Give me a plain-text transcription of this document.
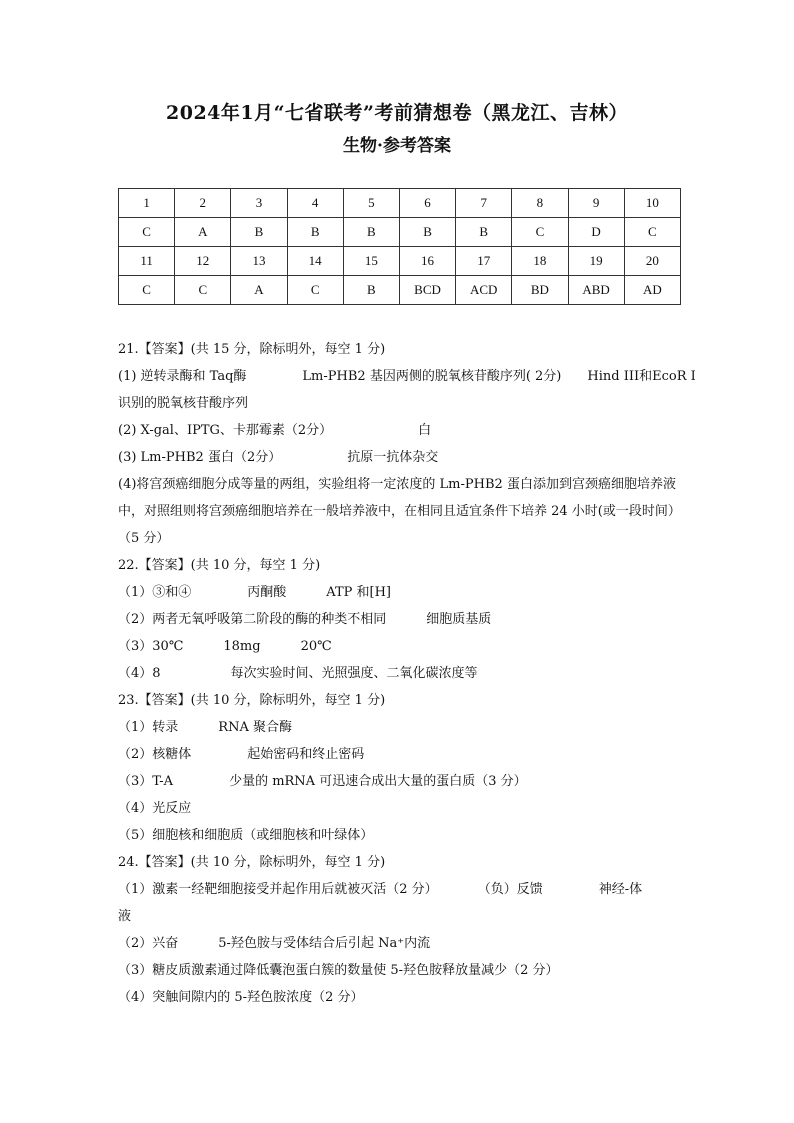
2024年1月“七省联考”考前猜想卷（黑龙江、吉林）
生物·参考答案
1	2	3	4	5	6	7	8	9	10
C	A	B	B	B	B	B	C	D	C
11	12	13	14	15	16	17	18	19	20
C	C	A	C	B	BCD	ACD	BD	ABD	AD
21.【答案】(共 15 分，除标明外，每空 1 分)
(1) 逆转录酶和 Taq酶	Lm-PHB2 基因两侧的脱氧核苷酸序列( 2分) Hind III和EcoR I
识别的脱氧核苷酸序列
(2) X-gal、IPTG、卡那霉素（2分）	白
(3) Lm-PHB2 蛋白（2分）	抗原一抗体杂交
(4)将宫颈癌细胞分成等量的两组，实验组将一定浓度的 Lm-PHB2 蛋白添加到宫颈癌细胞培养液中，对照组则将宫颈癌细胞培养在一般培养液中，在相同且适宜条件下培养 24 小时(或一段时间）（5 分）
22.【答案】(共 10 分，每空 1 分)
（1）③和④	丙酮酸	ATP 和[H]
（2）两者无氧呼吸第二阶段的酶的种类不相同	细胞质基质
（3）30℃	18mg	20℃
（4）8	每次实验时间、光照强度、二氧化碳浓度等
23.【答案】(共 10 分，除标明外，每空 1 分)
（1）转录	RNA 聚合酶
（2）核糖体	起始密码和终止密码
（3）T-A	少量的 mRNA 可迅速合成出大量的蛋白质（3 分）
（4）光反应
（5）细胞核和细胞质（或细胞核和叶绿体）
24.【答案】(共 10 分，除标明外，每空 1 分)
（1）激素一经靶细胞接受并起作用后就被灭活（2 分）	（负）反馈	神经-体
液
（2）兴奋	5-羟色胺与受体结合后引起 Na⁺内流
（3）糖皮质激素通过降低囊泡蛋白簇的数量使 5-羟色胺释放量减少（2 分）
（4）突触间隙内的 5-羟色胺浓度（2 分）
